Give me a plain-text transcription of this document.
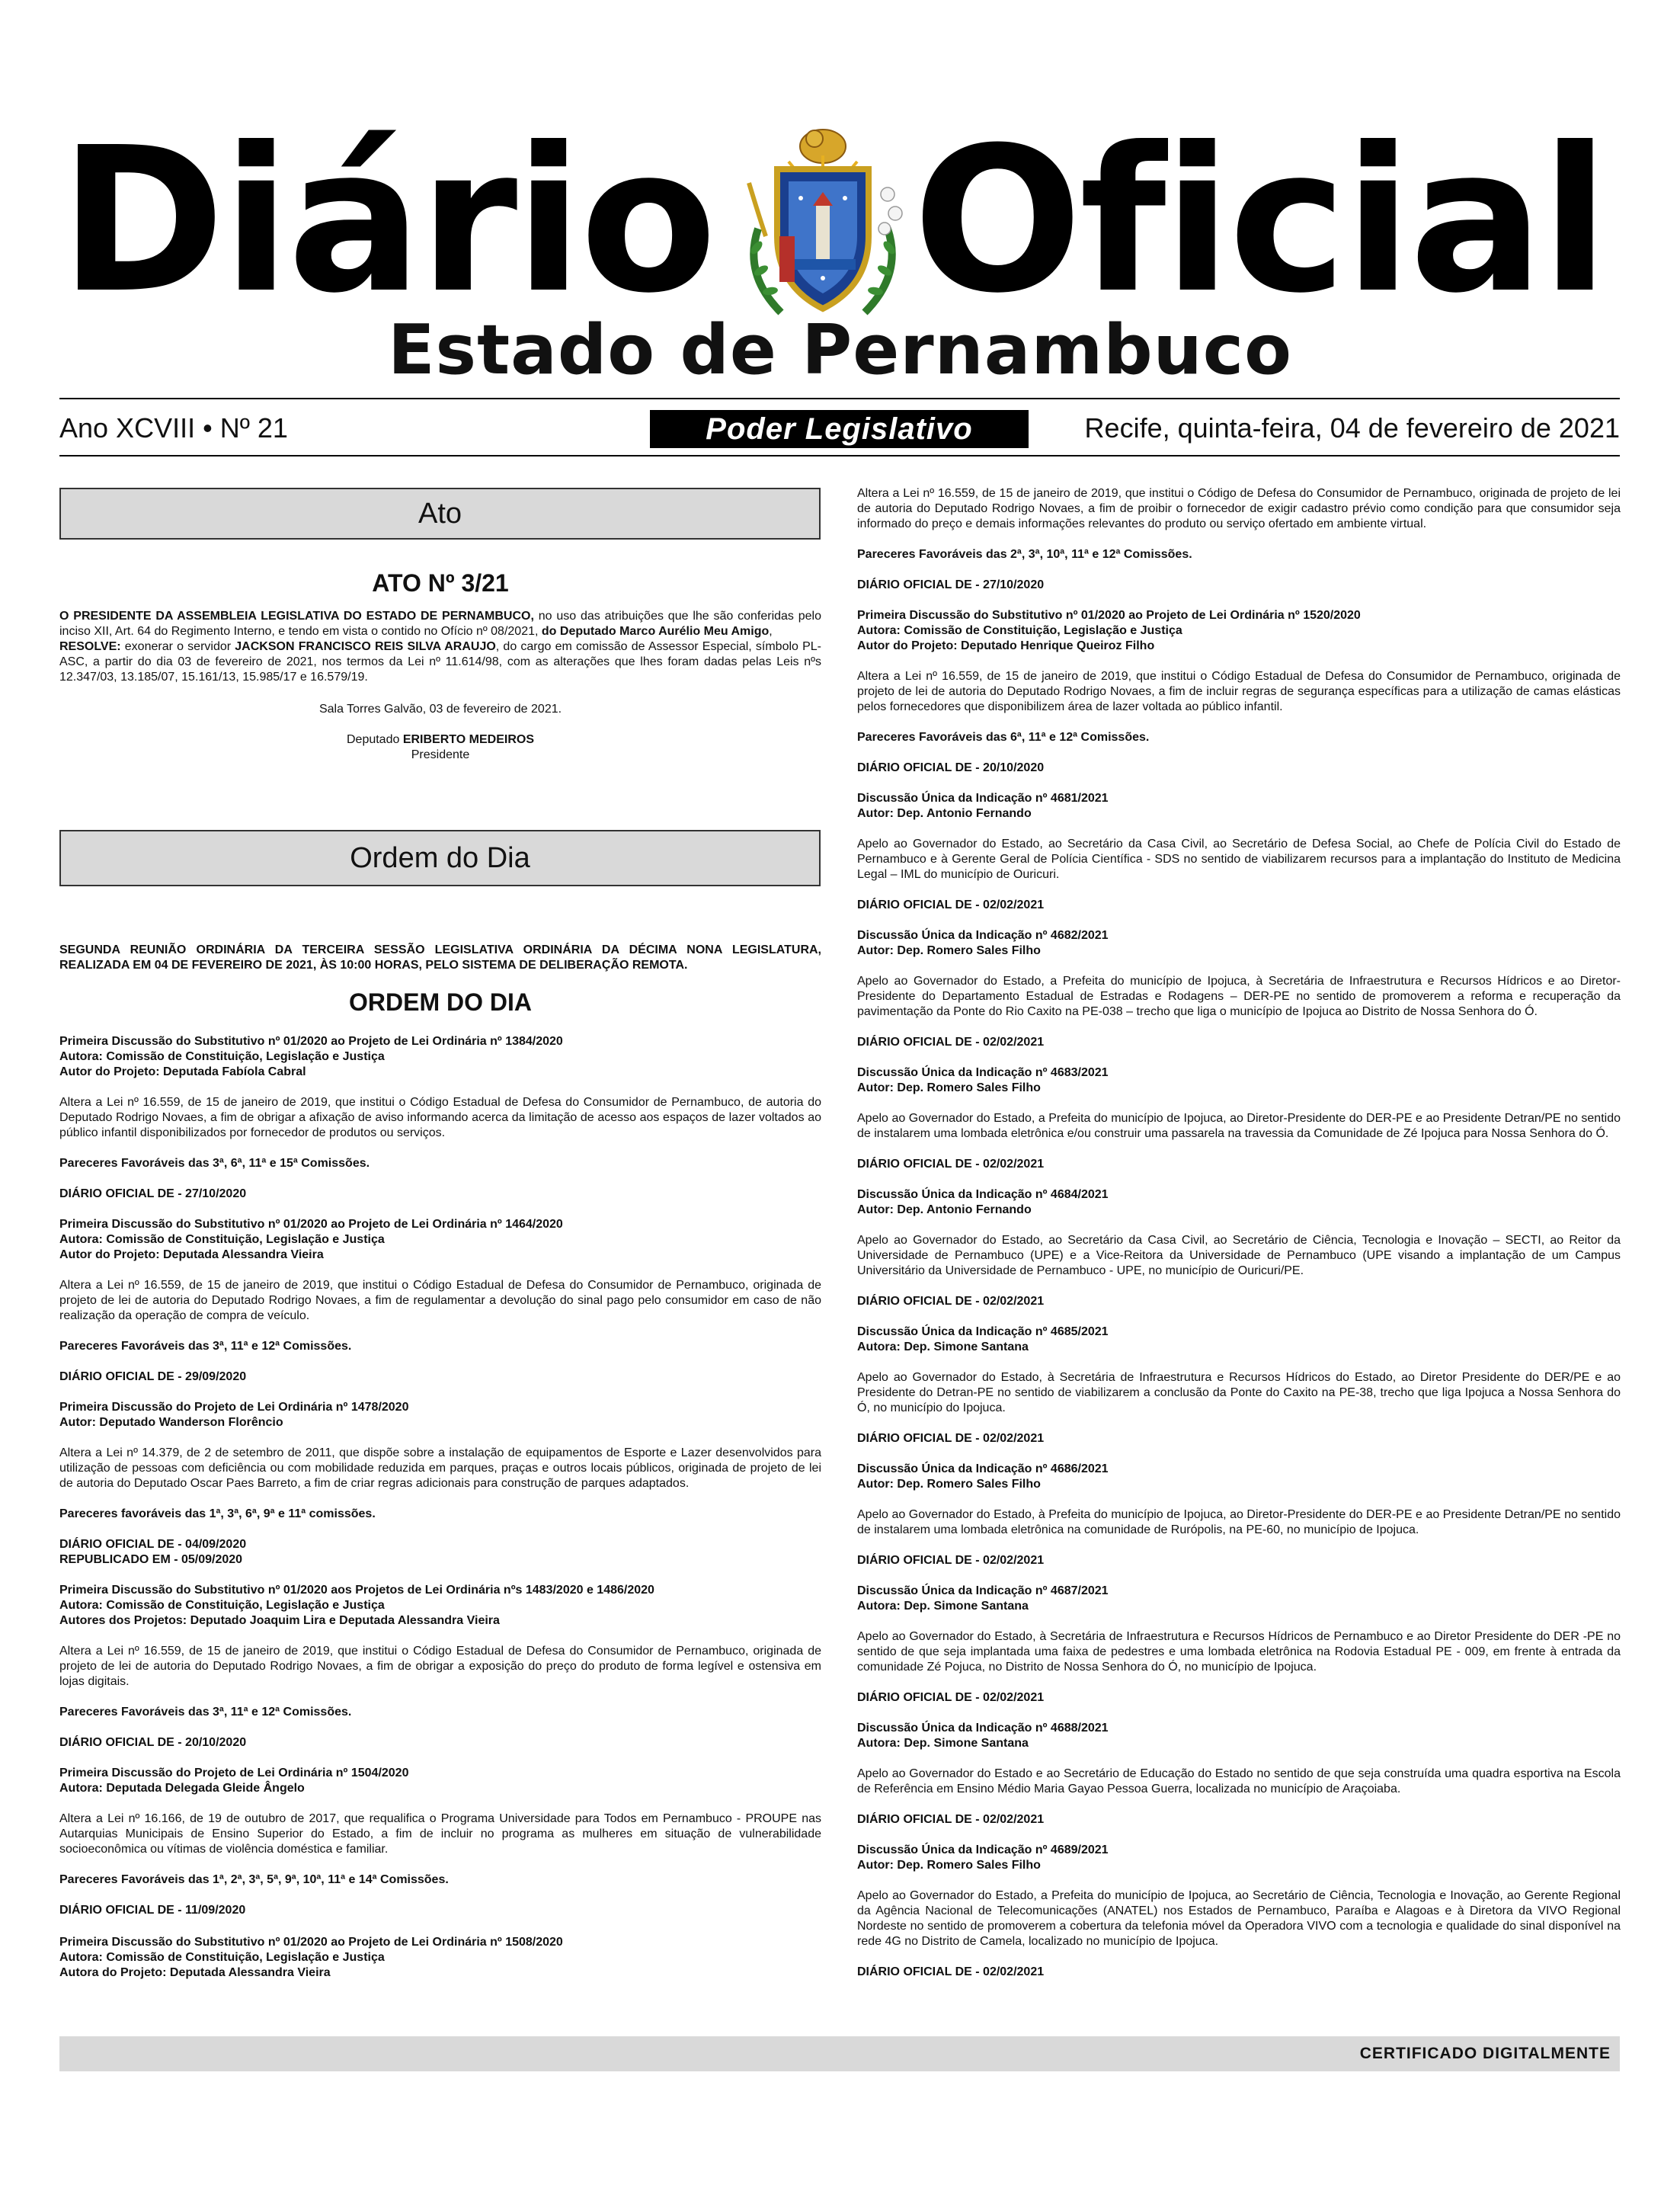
Diário Oficial
Estado de Pernambuco
Ano XCVIII • Nº 21	Poder Legislativo	Recife, quinta-feira, 04 de fevereiro de 2021
Ato
ATO Nº 3/21

O PRESIDENTE DA ASSEMBLEIA LEGISLATIVA DO ESTADO DE PERNAMBUCO, no uso das atribuições que lhe são conferidas pelo inciso XII, Art. 64 do Regimento Interno, e tendo em vista o contido no Ofício nº 08/2021, do Deputado Marco Aurélio Meu Amigo,
RESOLVE: exonerar o servidor JACKSON FRANCISCO REIS SILVA ARAUJO, do cargo em comissão de Assessor Especial, símbolo PL-ASC, a partir do dia 03 de fevereiro de 2021, nos termos da Lei nº 11.614/98, com as alterações que lhes foram dadas pelas Leis nºs 12.347/03, 13.185/07, 15.161/13, 15.985/17 e 16.579/19.

Sala Torres Galvão, 03 de fevereiro de 2021.

Deputado ERIBERTO MEDEIROS

Presidente

Ordem do Dia

SEGUNDA REUNIÃO ORDINÁRIA DA TERCEIRA SESSÃO LEGISLATIVA ORDINÁRIA DA DÉCIMA NONA LEGISLATURA, REALIZADA EM 04 DE FEVEREIRO DE 2021, ÀS 10:00 HORAS, PELO SISTEMA DE DELIBERAÇÃO REMOTA.

ORDEM DO DIA
Primeira Discussão do Substitutivo nº 01/2020 ao Projeto de Lei Ordinária nº 1384/2020
Autora: Comissão de Constituição, Legislação e Justiça
Autor do Projeto: Deputada Fabíola Cabral

Altera a Lei nº 16.559, de 15 de janeiro de 2019, que institui o Código Estadual de Defesa do Consumidor de Pernambuco, de autoria do Deputado Rodrigo Novaes, a fim de obrigar a afixação de aviso informando acerca da limitação de acesso aos espaços de lazer voltados ao público infantil disponibilizados por fornecedor de produtos ou serviços.

Pareceres Favoráveis das 3ª, 6ª, 11ª e 15ª Comissões.

DIÁRIO OFICIAL DE - 27/10/2020
Primeira Discussão do Substitutivo nº 01/2020 ao Projeto de Lei Ordinária nº 1464/2020
Autora: Comissão de Constituição, Legislação e Justiça
Autor do Projeto: Deputada Alessandra Vieira

Altera a Lei nº 16.559, de 15 de janeiro de 2019, que institui o Código Estadual de Defesa do Consumidor de Pernambuco, originada de projeto de lei de autoria do Deputado Rodrigo Novaes, a fim de regulamentar a devolução do sinal pago pelo consumidor em caso de não realização da operação de compra de veículo.

Pareceres Favoráveis das 3ª, 11ª e 12ª Comissões.

DIÁRIO OFICIAL DE - 29/09/2020
Primeira Discussão do Projeto de Lei Ordinária nº 1478/2020
Autor: Deputado Wanderson Florêncio

Altera a Lei nº 14.379, de 2 de setembro de 2011, que dispõe sobre a instalação de equipamentos de Esporte e Lazer desenvolvidos para utilização de pessoas com deficiência ou com mobilidade reduzida em parques, praças e outros locais públicos, originada de projeto de lei de autoria do Deputado Oscar Paes Barreto, a fim de criar regras adicionais para construção de parques adaptados.

Pareceres favoráveis das 1ª, 3ª, 6ª, 9ª e 11ª comissões.

DIÁRIO OFICIAL DE - 04/09/2020
REPUBLICADO EM - 05/09/2020
Primeira Discussão do Substitutivo nº 01/2020 aos Projetos de Lei Ordinária nºs 1483/2020 e 1486/2020
Autora: Comissão de Constituição, Legislação e Justiça
Autores dos Projetos: Deputado Joaquim Lira e Deputada Alessandra Vieira

Altera a Lei nº 16.559, de 15 de janeiro de 2019, que institui o Código Estadual de Defesa do Consumidor de Pernambuco, originada de projeto de lei de autoria do Deputado Rodrigo Novaes, a fim de obrigar a exposição do preço do produto de forma legível e ostensiva em lojas digitais.

Pareceres Favoráveis das 3ª, 11ª e 12ª Comissões.

DIÁRIO OFICIAL DE - 20/10/2020
Primeira Discussão do Projeto de Lei Ordinária nº 1504/2020
Autora: Deputada Delegada Gleide Ângelo

Altera a Lei nº 16.166, de 19 de outubro de 2017, que requalifica o Programa Universidade para Todos em Pernambuco - PROUPE nas Autarquias Municipais de Ensino Superior do Estado, a fim de incluir no programa as mulheres em situação de vulnerabilidade socioeconômica ou vítimas de violência doméstica e familiar.

Pareceres Favoráveis das 1ª, 2ª, 3ª, 5ª, 9ª, 10ª, 11ª e 14ª Comissões.

DIÁRIO OFICIAL DE - 11/09/2020
Primeira Discussão do Substitutivo nº 01/2020 ao Projeto de Lei Ordinária nº 1508/2020
Autora: Comissão de Constituição, Legislação e Justiça
Autora do Projeto: Deputada Alessandra Vieira

Altera a Lei nº 16.559, de 15 de janeiro de 2019, que institui o Código de Defesa do Consumidor de Pernambuco, originada de projeto de lei de autoria do Deputado Rodrigo Novaes, a fim de proibir o fornecedor de exigir cadastro prévio como condição para que consumidor seja informado do preço e demais informações relevantes do produto ou serviço ofertado em ambiente virtual.

Pareceres Favoráveis das 2ª, 3ª, 10ª, 11ª e 12ª Comissões.

DIÁRIO OFICIAL DE - 27/10/2020

Primeira Discussão do Substitutivo nº 01/2020 ao Projeto de Lei Ordinária nº 1520/2020
Autora: Comissão de Constituição, Legislação e Justiça
Autor do Projeto: Deputado Henrique Queiroz Filho

Altera a Lei nº 16.559, de 15 de janeiro de 2019, que institui o Código Estadual de Defesa do Consumidor de Pernambuco, originada de projeto de lei de autoria do Deputado Rodrigo Novaes, a fim de incluir regras de segurança específicas para a utilização de camas elásticas pelos fornecedores que disponibilizem área de lazer voltada ao público infantil.

Pareceres Favoráveis das 6ª, 11ª e 12ª Comissões.

DIÁRIO OFICIAL DE - 20/10/2020

Discussão Única da Indicação nº 4681/2021
Autor: Dep. Antonio Fernando

Apelo ao Governador do Estado, ao Secretário da Casa Civil, ao Secretário de Defesa Social, ao Chefe de Polícia Civil do Estado de Pernambuco e à Gerente Geral de Polícia Científica - SDS no sentido de viabilizarem recursos para a implantação do Instituto de Medicina Legal – IML do município de Ouricuri.

DIÁRIO OFICIAL DE - 02/02/2021

Discussão Única da Indicação nº 4682/2021
Autor: Dep. Romero Sales Filho

Apelo ao Governador do Estado, a Prefeita do município de Ipojuca, à Secretária de Infraestrutura e Recursos Hídricos e ao Diretor-Presidente do Departamento Estadual de Estradas e Rodagens – DER-PE no sentido de promoverem a reforma e recuperação da pavimentação da Ponte do Rio Caxito na PE-038 – trecho que liga o município de Ipojuca ao Distrito de Nossa Senhora do Ó.

DIÁRIO OFICIAL DE - 02/02/2021

Discussão Única da Indicação nº 4683/2021
Autor: Dep. Romero Sales Filho

Apelo ao Governador do Estado, a Prefeita do município de Ipojuca, ao Diretor-Presidente do DER-PE e ao Presidente Detran/PE no sentido de instalarem uma lombada eletrônica e/ou construir uma passarela na travessia da Comunidade de Zé Ipojuca para Nossa Senhora do Ó.

DIÁRIO OFICIAL DE - 02/02/2021

Discussão Única da Indicação nº 4684/2021
Autor: Dep. Antonio Fernando

Apelo ao Governador do Estado, ao Secretário da Casa Civil, ao Secretário de Ciência, Tecnologia e Inovação – SECTI, ao Reitor da Universidade de Pernambuco (UPE) e a Vice-Reitora da Universidade de Pernambuco (UPE visando a implantação de um Campus Universitário da Universidade de Pernambuco - UPE, no município de Ouricuri/PE.

DIÁRIO OFICIAL DE - 02/02/2021

Discussão Única da Indicação nº 4685/2021
Autora: Dep. Simone Santana

Apelo ao Governador do Estado, à Secretária de Infraestrutura e Recursos Hídricos do Estado, ao Diretor Presidente do DER/PE e ao Presidente do Detran-PE no sentido de viabilizarem a conclusão da Ponte do Caxito na PE-38, trecho que liga Ipojuca a Nossa Senhora do Ó, no município do Ipojuca.

DIÁRIO OFICIAL DE - 02/02/2021

Discussão Única da Indicação nº 4686/2021
Autor: Dep. Romero Sales Filho

Apelo ao Governador do Estado, à Prefeita do município de Ipojuca, ao Diretor-Presidente do DER-PE e ao Presidente Detran/PE no sentido de instalarem uma lombada eletrônica na comunidade de Rurópolis, na PE-60, no município de Ipojuca.

DIÁRIO OFICIAL DE - 02/02/2021

Discussão Única da Indicação nº 4687/2021
Autora: Dep. Simone Santana

Apelo ao Governador do Estado, à Secretária de Infraestrutura e Recursos Hídricos de Pernambuco e ao Diretor Presidente do DER -PE no sentido de que seja implantada uma faixa de pedestres e uma lombada eletrônica na Rodovia Estadual PE - 009, em frente à entrada da comunidade Zé Pojuca, no Distrito de Nossa Senhora do Ó, no município de Ipojuca.

DIÁRIO OFICIAL DE - 02/02/2021

Discussão Única da Indicação nº 4688/2021
Autora: Dep. Simone Santana

Apelo ao Governador do Estado e ao Secretário de Educação do Estado no sentido de que seja construída uma quadra esportiva na Escola de Referência em Ensino Médio Maria Gayao Pessoa Guerra, localizada no município de Araçoiaba.

DIÁRIO OFICIAL DE - 02/02/2021

Discussão Única da Indicação nº 4689/2021
Autor: Dep. Romero Sales Filho

Apelo ao Governador do Estado, a Prefeita do município de Ipojuca, ao Secretário de Ciência, Tecnologia e Inovação, ao Gerente Regional da Agência Nacional de Telecomunicações (ANATEL) nos Estados de Pernambuco, Paraíba e Alagoas e à Diretora da VIVO Regional Nordeste no sentido de promoverem a cobertura da telefonia móvel da Operadora VIVO com a tecnologia e qualidade do sinal disponível na rede 4G no Distrito de Camela, localizado no município de Ipojuca.

DIÁRIO OFICIAL DE - 02/02/2021

CERTIFICADO DIGITALMENTE
